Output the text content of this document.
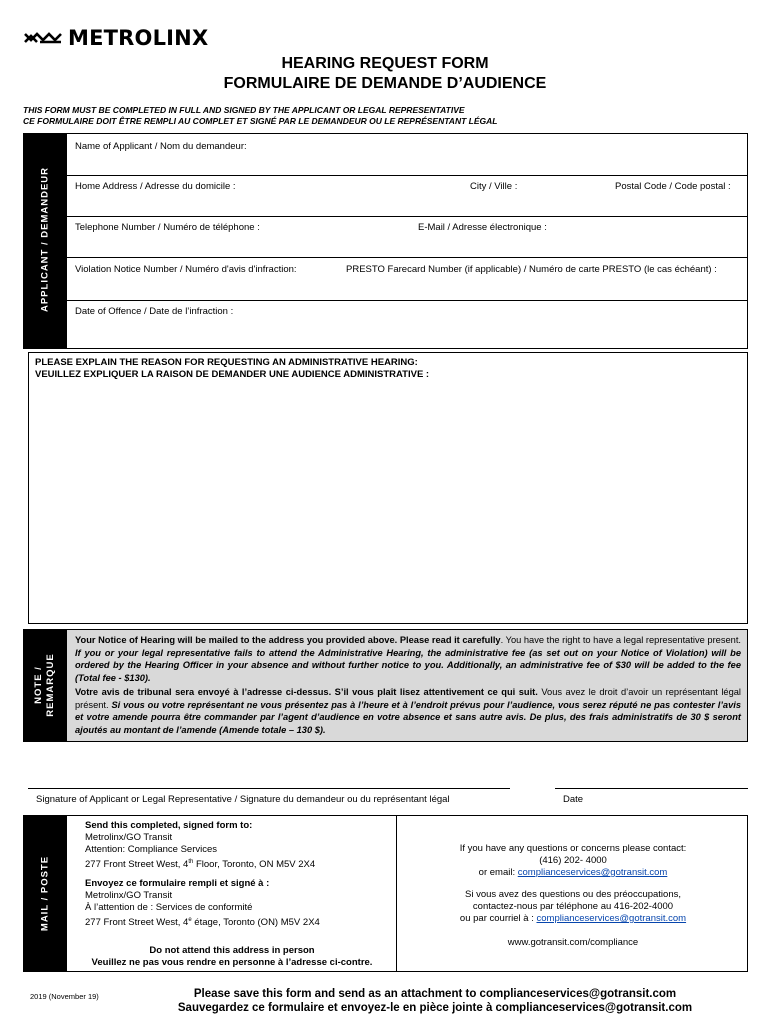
METROLINX
HEARING REQUEST FORM
FORMULAIRE DE DEMANDE D’AUDIENCE
THIS FORM MUST BE COMPLETED IN FULL AND SIGNED BY THE APPLICANT OR LEGAL REPRESENTATIVE
CE FORMULAIRE DOIT ÊTRE REMPLI AU COMPLET ET SIGNÉ PAR LE DEMANDEUR OU LE REPRÉSENTANT LÉGAL
APPLICANT / DEMANDEUR
Name of Applicant / Nom du demandeur:
Home Address / Adresse du domicile :	City / Ville :	Postal Code / Code postal :
Telephone Number / Numéro de téléphone :	E-Mail / Adresse électronique :
Violation Notice Number / Numéro d'avis d'infraction:	PRESTO Farecard Number (if applicable) / Numéro de carte PRESTO (le cas échéant) :
Date of Offence / Date de l’infraction :
PLEASE EXPLAIN THE REASON FOR REQUESTING AN ADMINISTRATIVE HEARING:
VEUILLEZ EXPLIQUER LA RAISON DE DEMANDER UNE AUDIENCE ADMINISTRATIVE :
NOTE / REMARQUE
Your Notice of Hearing will be mailed to the address you provided above. Please read it carefully. You have the right to have a legal representative present. If you or your legal representative fails to attend the Administrative Hearing, the administrative fee (as set out on your Notice of Violation) will be ordered by the Hearing Officer in your absence and without further notice to you. Additionally, an administrative fee of $30 will be added to the fee (Total fee - $130).
Votre avis de tribunal sera envoyé à l’adresse ci-dessus. S’il vous plaît lisez attentivement ce qui suit. Vous avez le droit d’avoir un représentant légal présent. Si vous ou votre représentant ne vous présentez pas à l’heure et à l’endroit prévus pour l’audience, vous serez réputé ne pas contester l’avis et votre amende pourra être commander par l’agent d’audience en votre absence et sans autre avis. De plus, des frais administratifs de 30 $ seront ajoutés au montant de l’amende (Amende totale – 130 $).
Signature of Applicant or Legal Representative / Signature du demandeur ou du représentant légal	Date
MAIL / POSTE
Send this completed, signed form to:
Metrolinx/GO Transit
Attention: Compliance Services
277 Front Street West, 4th Floor, Toronto, ON M5V 2X4
Envoyez ce formulaire rempli et signé à :
Metrolinx/GO Transit
À l’attention de : Services de conformité
277 Front Street West, 4e étage, Toronto (ON) M5V 2X4
Do not attend this address in person
Veuillez ne pas vous rendre en personne à l’adresse ci-contre.
If you have any questions or concerns please contact:
(416) 202- 4000
or email: complianceservices@gotransit.com
Si vous avez des questions ou des préoccupations,
contactez-nous par téléphone au 416-202-4000
ou par courriel à : complianceservices@gotransit.com
www.gotransit.com/compliance
2019 (November 19)	Please save this form and send as an attachment to complianceservices@gotransit.com
Sauvegardez ce formulaire et envoyez-le en pièce jointe à complianceservices@gotransit.com
